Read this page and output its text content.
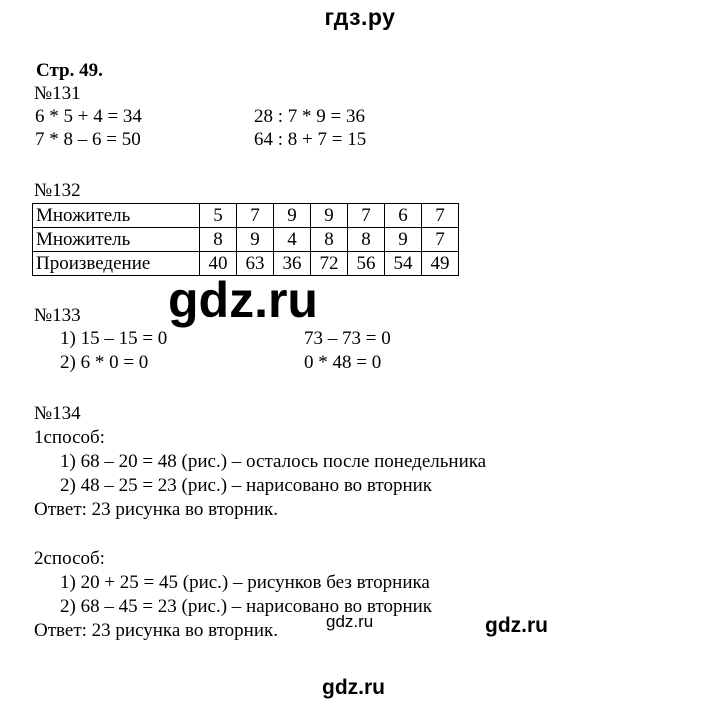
гдз.ру
Стр. 49.
№131
6 * 5 + 4 = 34
7 * 8 – 6 = 50
28 : 7 * 9 = 36
64 : 8 + 7 = 15
№132
Множитель	5	7	9	9	7	6	7
Множитель	8	9	4	8	8	9	7
Произведение	40	63	36	72	56	54	49
gdz.ru
№133
1) 15 – 15 = 0	73 – 73 = 0
2) 6 * 0 = 0	0 * 48 = 0
№134
1способ:
1) 68 – 20 = 48 (рис.) – осталось после понедельника
2) 48 – 25 = 23 (рис.) – нарисовано во вторник
Ответ: 23 рисунка во вторник.
2способ:
1) 20 + 25 = 45 (рис.) – рисунков без вторника
2) 68 – 45 = 23 (рис.) – нарисовано во вторник
Ответ: 23 рисунка во вторник.	gdz.ru	gdz.ru
gdz.ru
